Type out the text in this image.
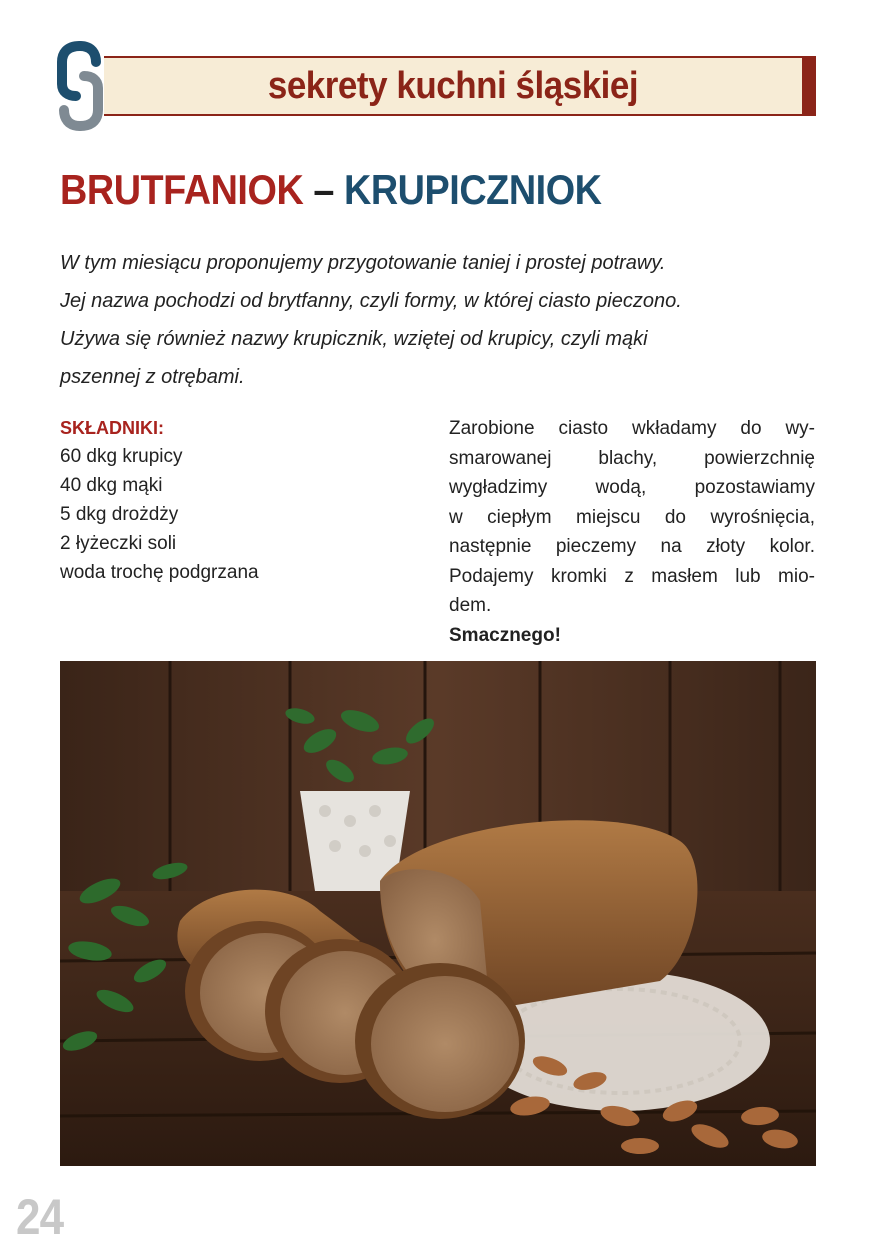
sekrety kuchni śląskiej
BRUTFANIOK – KRUPICZNIOK

W tym miesiącu proponujemy przygotowanie taniej i prostej potrawy.

Jej nazwa pochodzi od brytfanny, czyli formy, w której ciasto pieczono.

Używa się również nazwy krupicznik, wziętej od krupicy, czyli mąki

pszennej z otrębami.

SKŁADNIKI:
60 dkg krupicy
40 dkg mąki
5 dkg drożdży
2 łyżeczki soli
woda trochę podgrzana

Zarobione ciasto wkładamy do wy-

smarowanej blachy, powierzchnię

wygładzimy wodą, pozostawiamy

w ciepłym miejscu do wyrośnięcia,

następnie pieczemy na złoty kolor.

Podajemy kromki z masłem lub mio-

dem.

Smacznego!

24
